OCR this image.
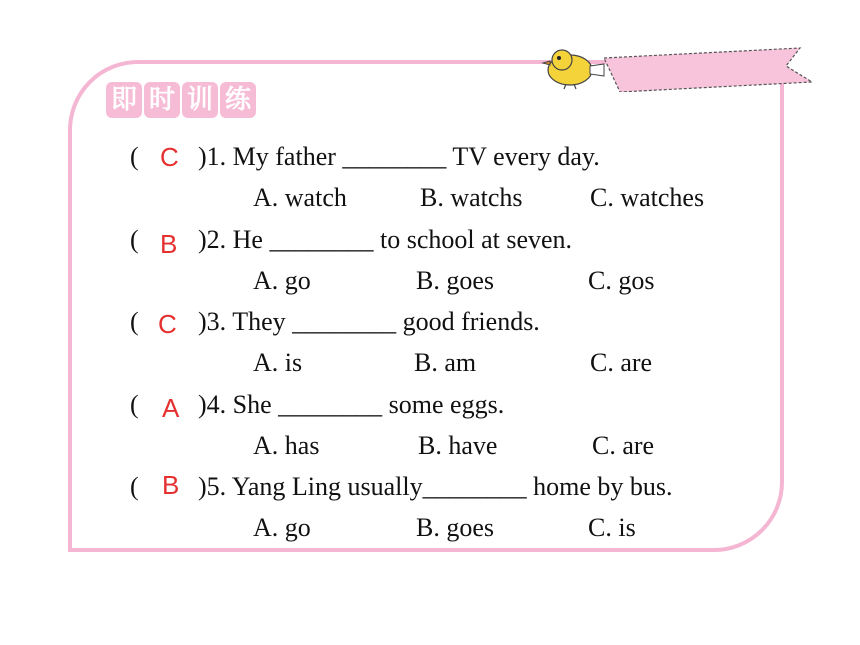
即 时 训 练
( C )1. My father ________ TV every day.
A. watch	B. watchs	C. watches
( B )2. He ________ to school at seven.
A. go	B. goes	C. gos
( C )3. They ________ good friends.
A. is	B. am	C. are
( A )4. She ________ some eggs.
A. has	B. have	C. are
( B )5. Yang Ling usually________ home by bus.
A. go	B. goes	C. is
